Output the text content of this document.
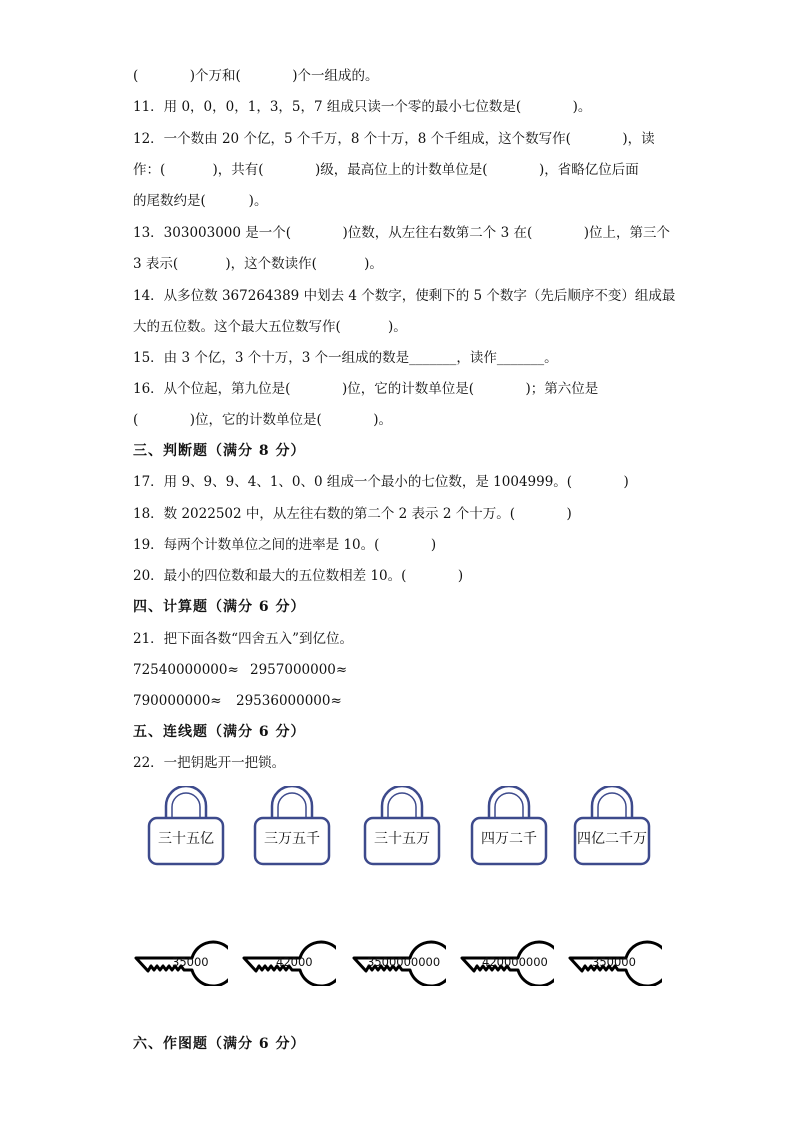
(            )个万和(            )个一组成的。
11．用 0，0，0，1，3，5，7 组成只读一个零的最小七位数是(            )。
12．一个数由 20 个亿，5 个千万，8 个十万，8 个千组成，这个数写作(            )，读
作：(           )，共有(            )级，最高位上的计数单位是(            )，省略亿位后面
的尾数约是(          )。
13．303003000 是一个(            )位数，从左往右数第二个 3 在(            )位上，第三个
3 表示(           )，这个数读作(           )。
14．从多位数 367264389 中划去 4 个数字，使剩下的 5 个数字（先后顺序不变）组成最
大的五位数。这个最大五位数写作(           )。
15．由 3 个亿，3 个十万，3 个一组成的数是_______，读作_______。
16．从个位起，第九位是(            )位，它的计数单位是(            )；第六位是
(            )位，它的计数单位是(            )。
三、判断题（满分 8 分）
17．用 9、9、9、4、1、0、0 组成一个最小的七位数，是 1004999。(            )
18．数 2022502 中，从左往右数的第二个 2 表示 2 个十万。(            )
19．每两个计数单位之间的进率是 10。(            )
20．最小的四位数和最大的五位数相差 10。(            )
四、计算题（满分 6 分）
21．把下面各数“四舍五入”到亿位。
72540000000≈ 2957000000≈
790000000≈ 29536000000≈
五、连线题（满分 6 分）
22．一把钥匙开一把锁。
三十五亿	三万五千	三十五万	四万二千	四亿二千万
35000	42000	3500000000	420000000	350000
六、作图题（满分 6 分）
